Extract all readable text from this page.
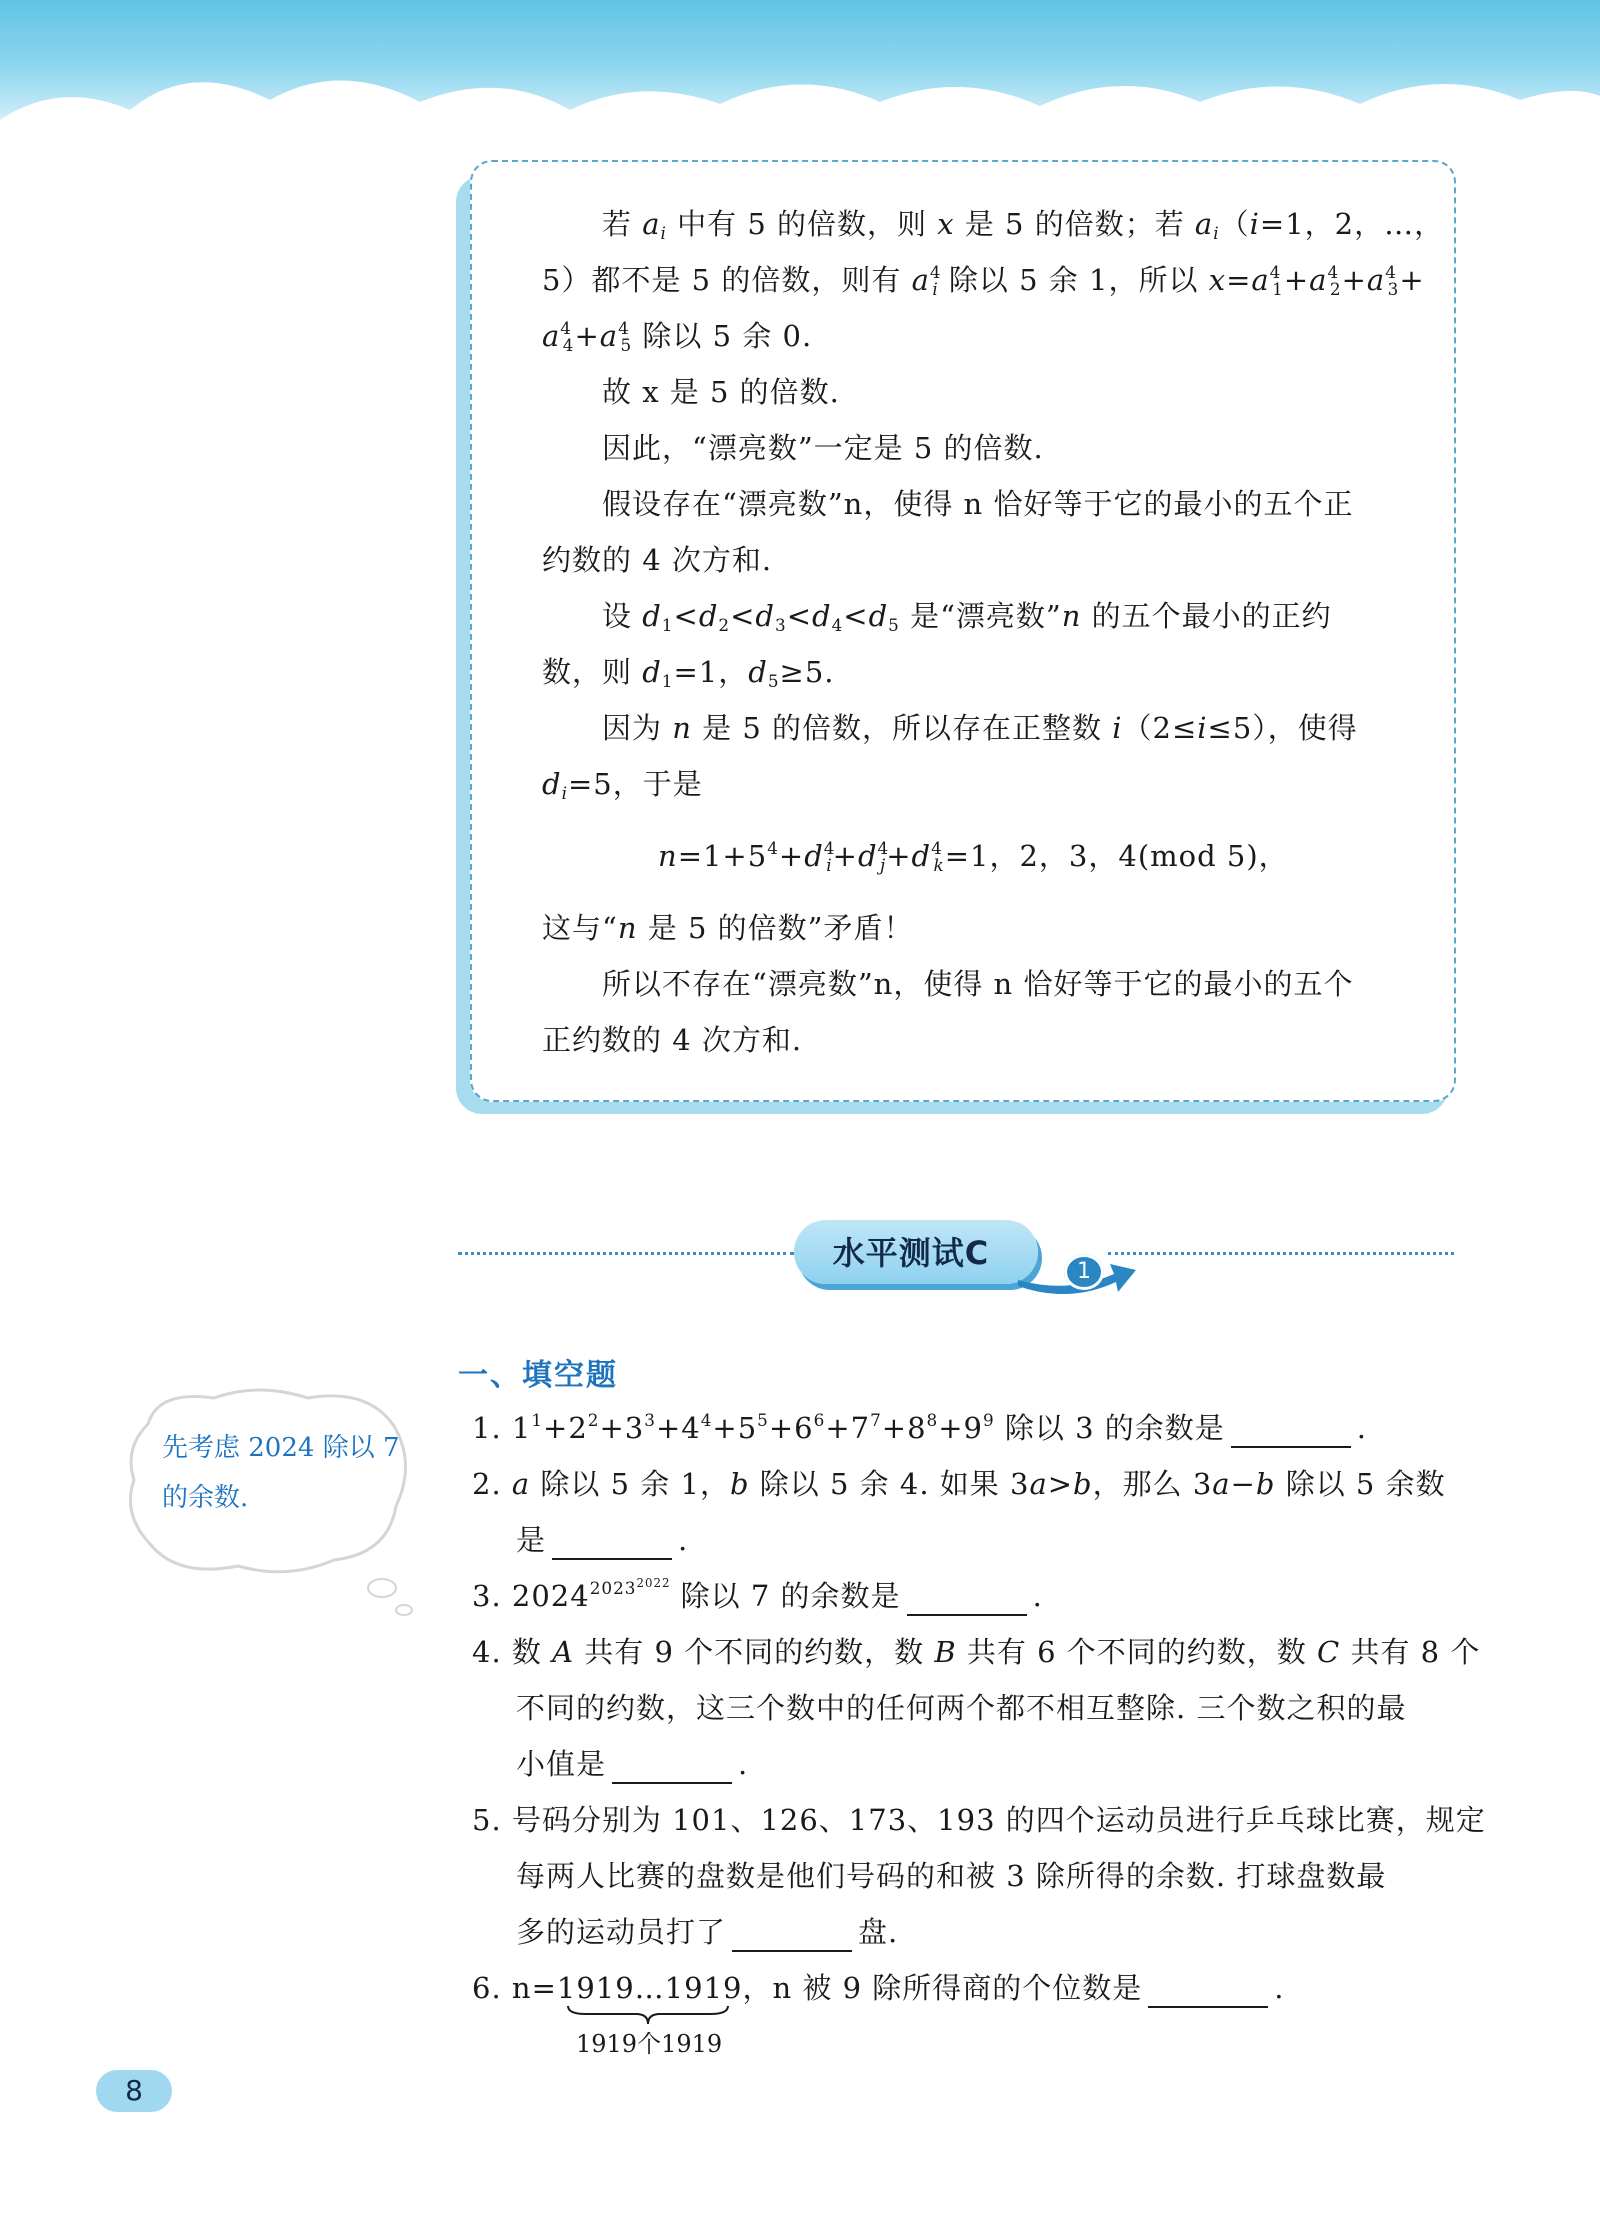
若 $a_i$ 中有 5 的倍数，则 x 是 5 的倍数；若 $a_i(i=1$，2，…，
5）都不是 5 的倍数，则有 $a^4_i$ 除以 5 余 1，所以 $x=a^4_1+a^4_2+a^4_3+$
$a^4_4+a^4_5$ 除以 5 余 0.
故 x 是 5 的倍数.
因此，“漂亮数”一定是 5 的倍数.
假设存在“漂亮数”n，使得 n 恰好等于它的最小的五个正
约数的 4 次方和.
设 $d_1<d_2<d_3<d_4<d_5$ 是“漂亮数”n 的五个最小的正约
数，则 $d_1=1$，$d_5\ge 5$.
因为 n 是 5 的倍数，所以存在正整数 i（2≤i≤5），使得
$d_i=5$，于是
$n=1+5^4+d^4_i+d^4_j+d^4_k=1$，2，3，4(mod 5)，
这与“n 是 5 的倍数”矛盾！
所以不存在“漂亮数”n，使得 n 恰好等于它的最小的五个
正约数的 4 次方和.
水平测试C	1
一、填空题
先考虑 2024 除以 7
的余数.
1. $1^1+2^2+3^3+4^4+5^5+6^6+7^7+8^8+9^9$ 除以 3 的余数是	.
2. a 除以 5 余 1，b 除以 5 余 4. 如果 3a>b，那么 3a−b 除以 5 余数
是	.
3. $2024^{2023^{2022}}$ 除以 7 的余数是	.
4. 数 A 共有 9 个不同的约数，数 B 共有 6 个不同的约数，数 C 共有 8 个
不同的约数，这三个数中的任何两个都不相互整除. 三个数之积的最
小值是	.
5. 号码分别为 101、126、173、193 的四个运动员进行乒乓球比赛，规定
每两人比赛的盘数是他们号码的和被 3 除所得的余数. 打球盘数最
多的运动员打了	盘.
6. n=1919…1919，n 被 9 除所得商的个位数是	.
1919个1919
8
